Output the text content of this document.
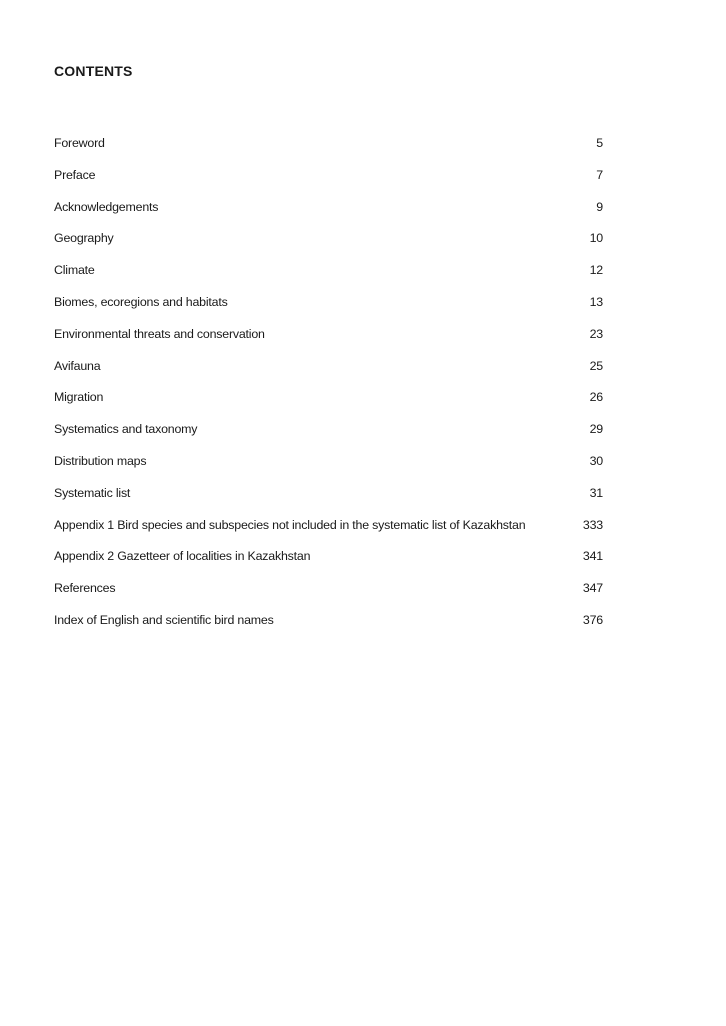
CONTENTS
Foreword	5
Preface	7
Acknowledgements	9
Geography	10
Climate	12
Biomes, ecoregions and habitats	13
Environmental threats and conservation	23
Avifauna	25
Migration	26
Systematics and taxonomy	29
Distribution maps	30
Systematic list	31
Appendix 1 Bird species and subspecies not included in the systematic list of Kazakhstan	333
Appendix 2 Gazetteer of localities in Kazakhstan	341
References	347
Index of English and scientific bird names	376
